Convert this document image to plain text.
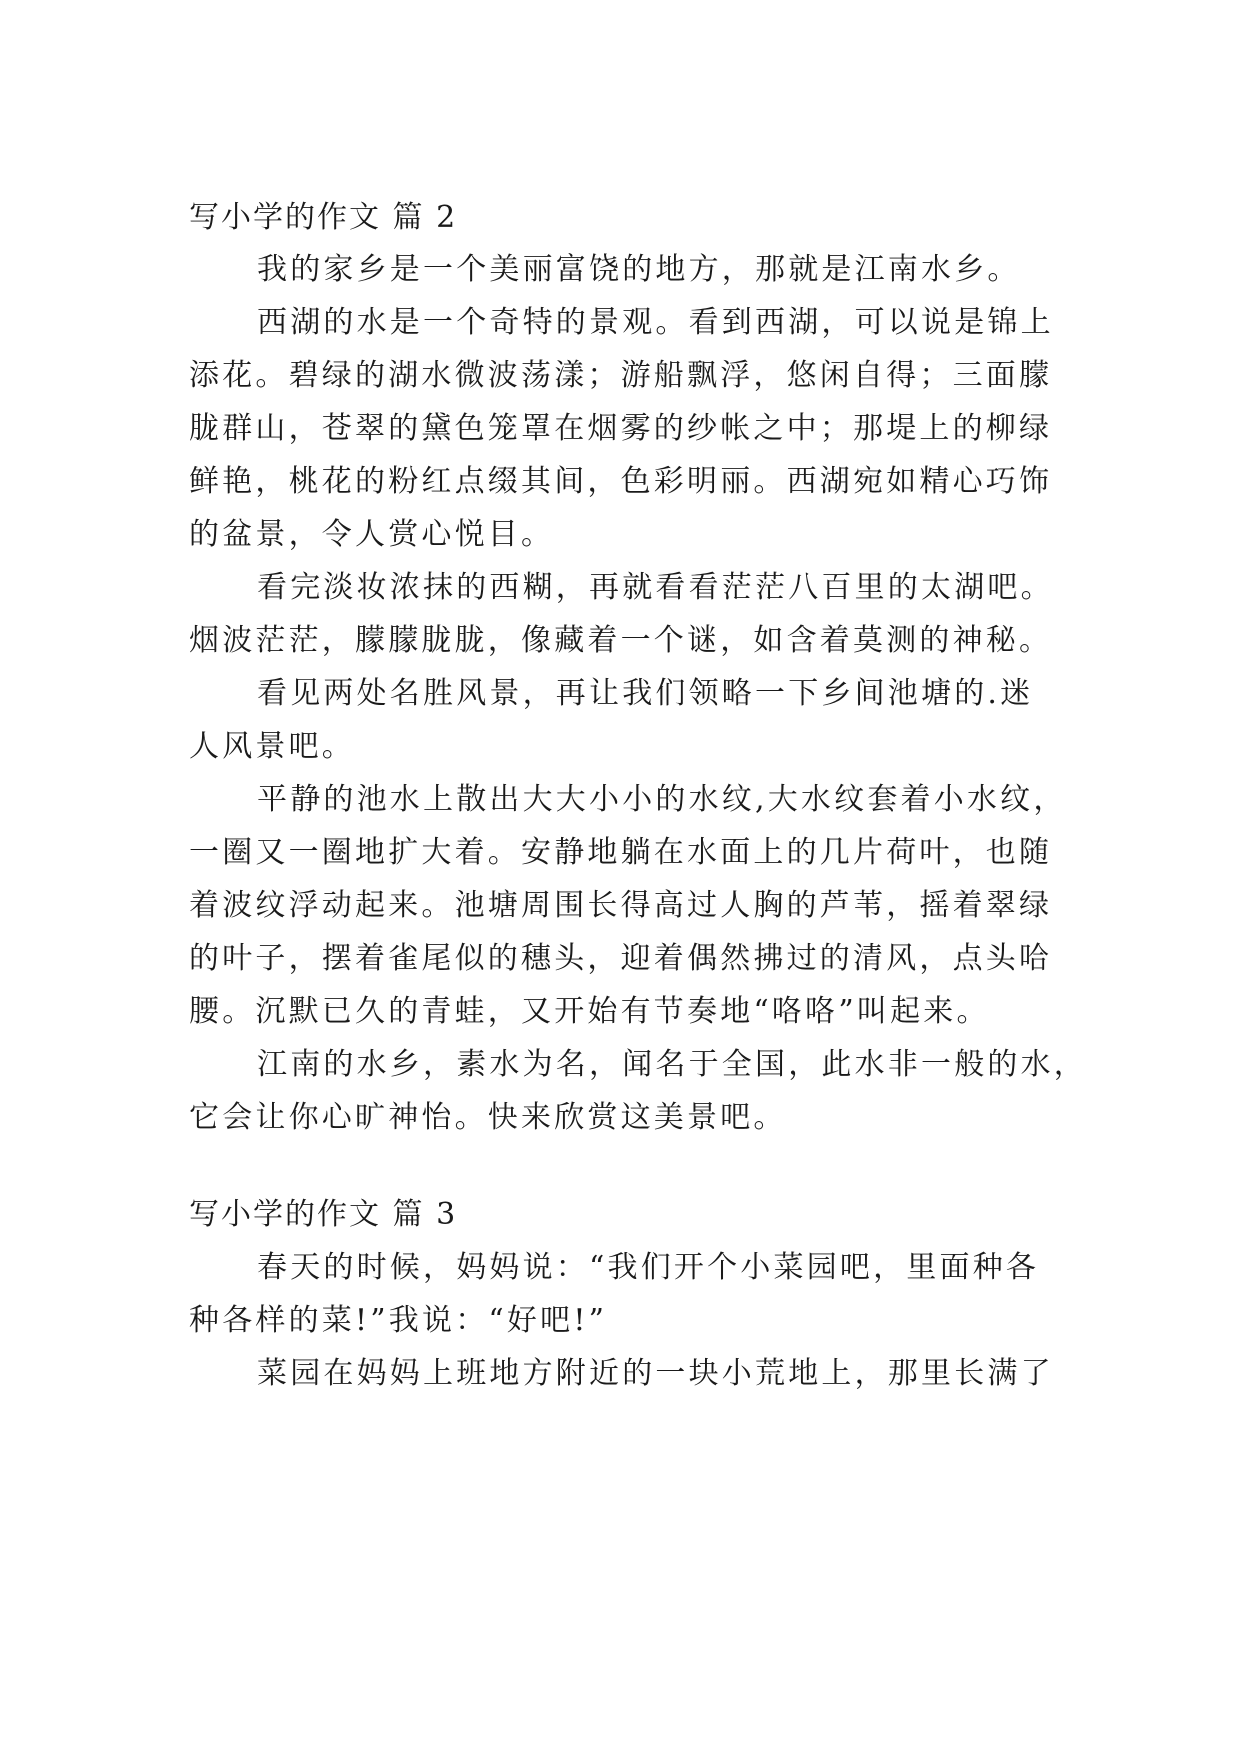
写小学的作文 篇 2
我的家乡是一个美丽富饶的地方，那就是江南水乡。
西湖的水是一个奇特的景观。看到西湖，可以说是锦上
添花。碧绿的湖水微波荡漾；游船飘浮，悠闲自得；三面朦
胧群山，苍翠的黛色笼罩在烟雾的纱帐之中；那堤上的柳绿
鲜艳，桃花的粉红点缀其间，色彩明丽。西湖宛如精心巧饰
的盆景，令人赏心悦目。
看完淡妆浓抹的西糊，再就看看茫茫八百里的太湖吧。
烟波茫茫，朦朦胧胧，像藏着一个谜，如含着莫测的神秘。
看见两处名胜风景，再让我们领略一下乡间池塘的.迷
人风景吧。
平静的池水上散出大大小小的水纹,大水纹套着小水纹，
一圈又一圈地扩大着。安静地躺在水面上的几片荷叶，也随
着波纹浮动起来。池塘周围长得高过人胸的芦苇，摇着翠绿
的叶子，摆着雀尾似的穗头，迎着偶然拂过的清风，点头哈
腰。沉默已久的青蛙，又开始有节奏地“咯咯”叫起来。
江南的水乡，素水为名，闻名于全国，此水非一般的水，
它会让你心旷神怡。快来欣赏这美景吧。
写小学的作文 篇 3
春天的时候，妈妈说：“我们开个小菜园吧，里面种各
种各样的菜!”我说：“好吧!”
菜园在妈妈上班地方附近的一块小荒地上，那里长满了
